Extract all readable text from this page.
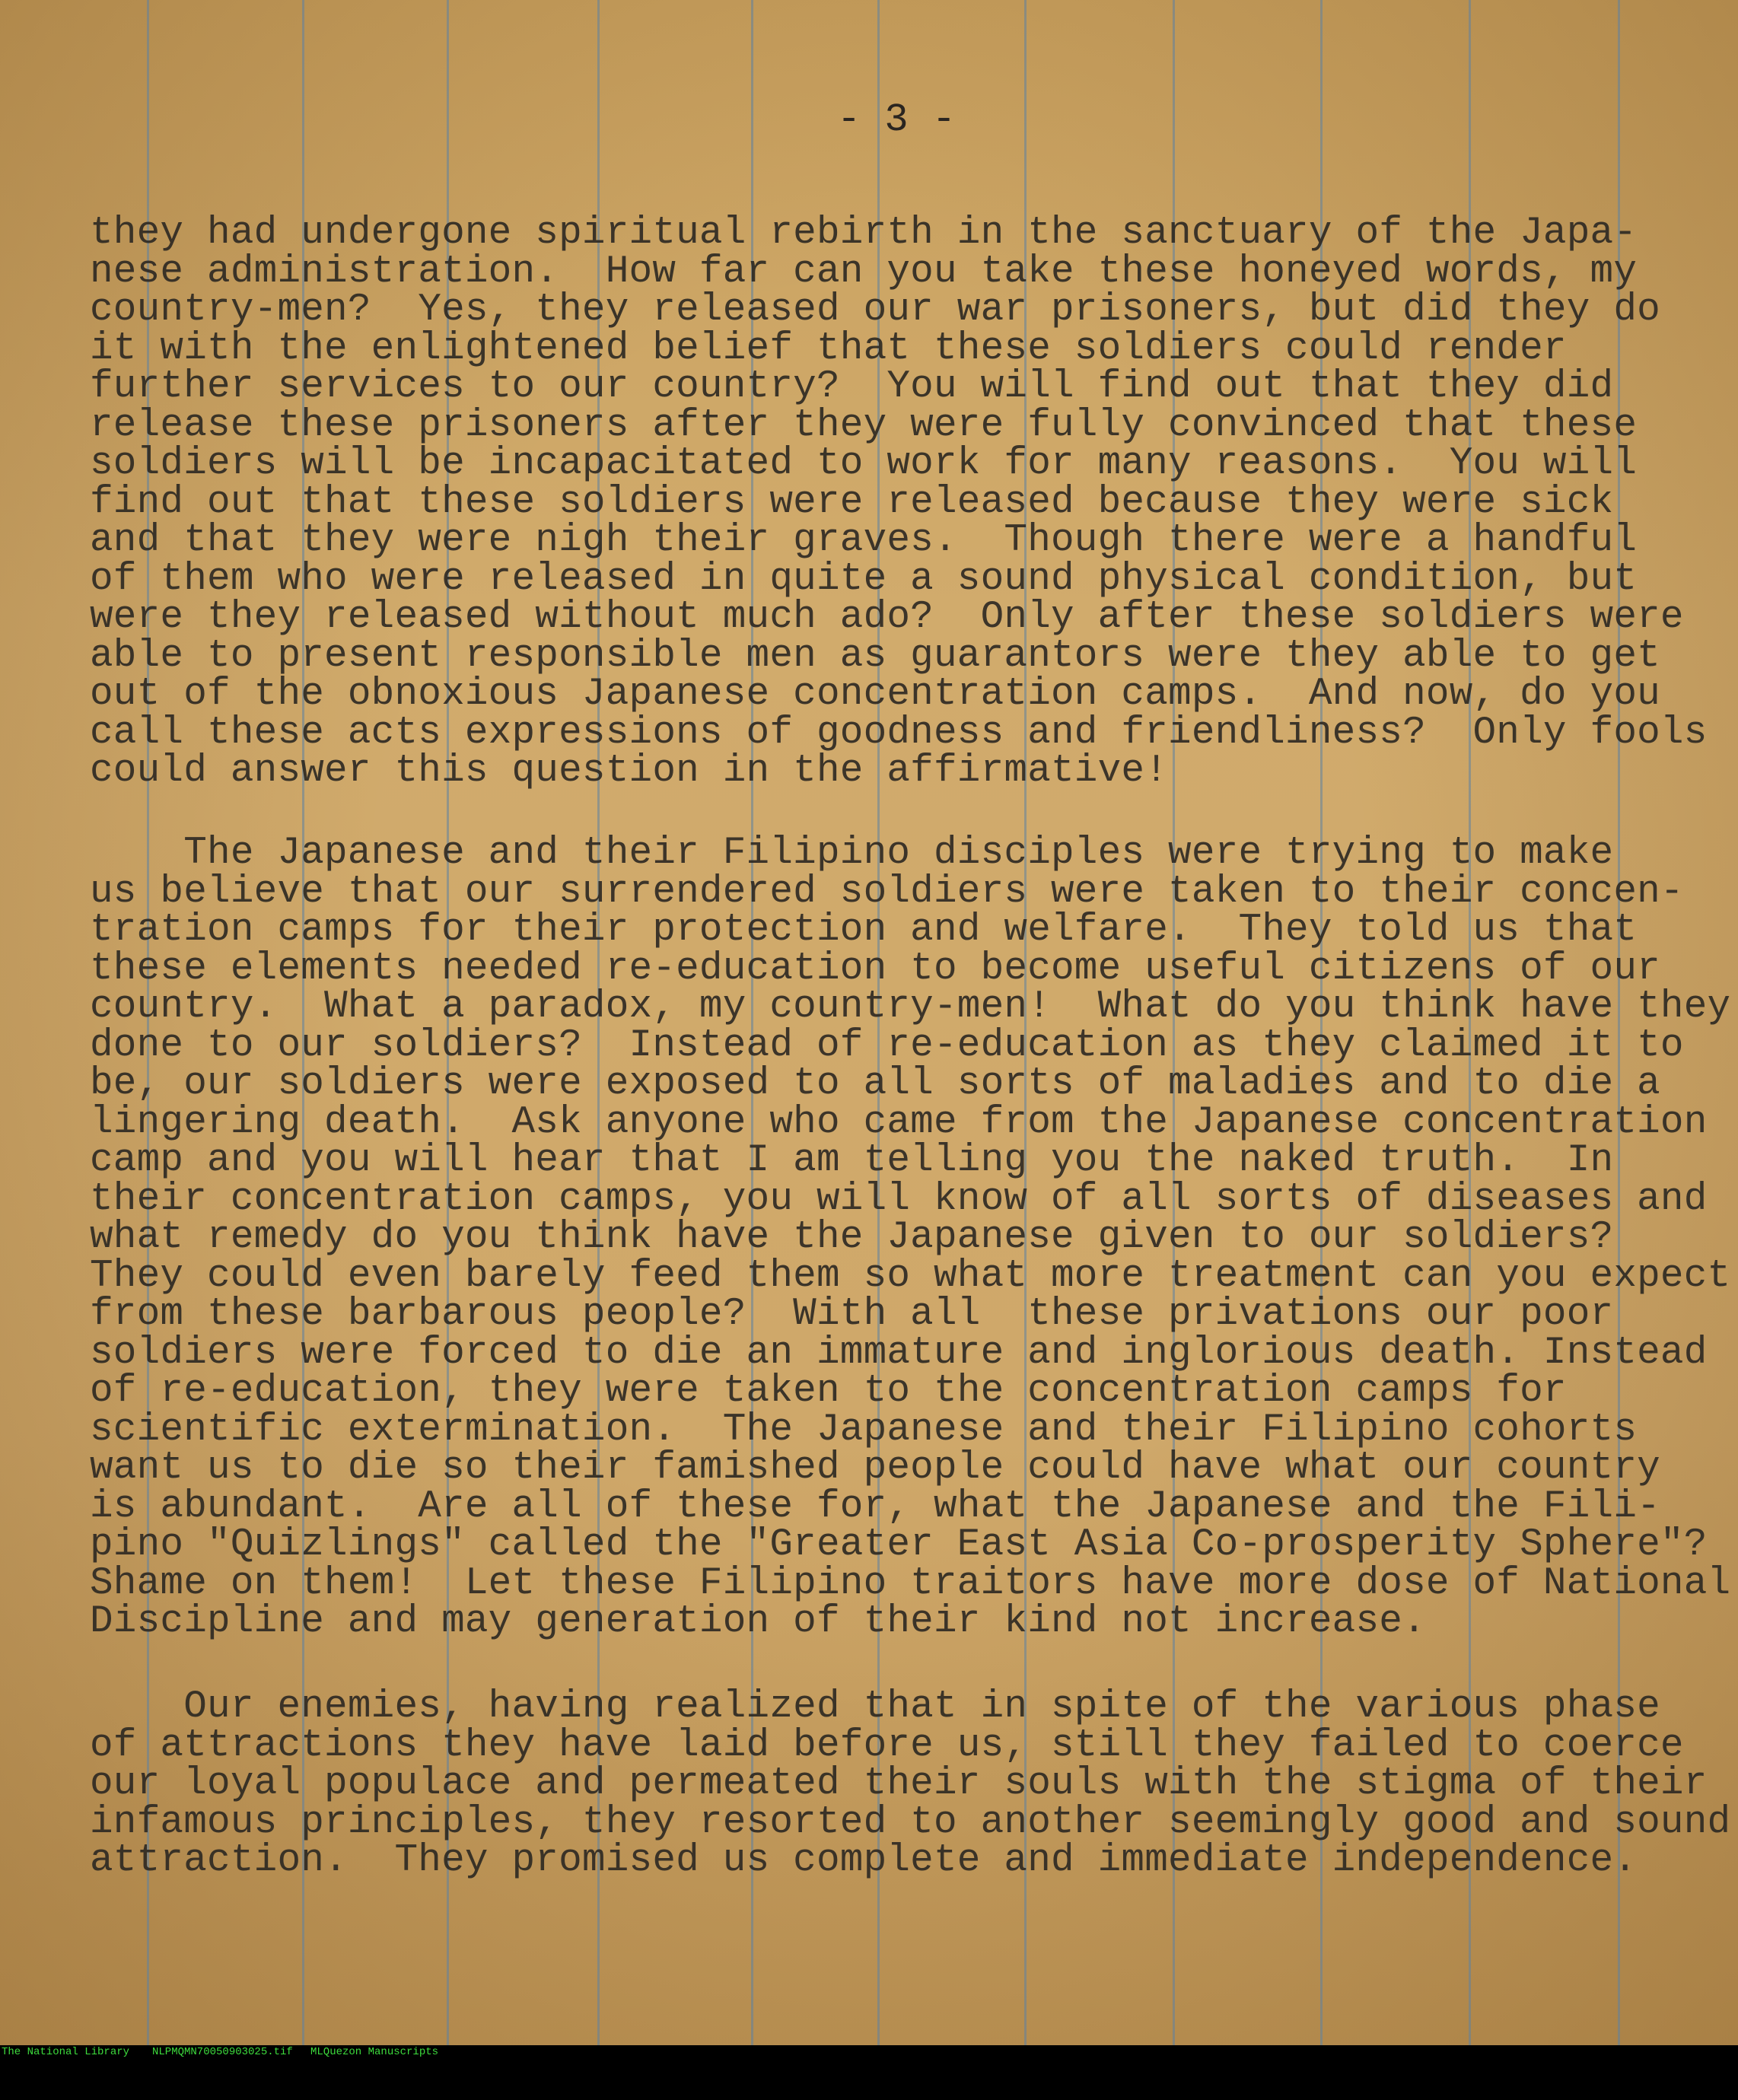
- 3 -
they had undergone spiritual rebirth in the sanctuary of the Japa-
nese administration.  How far can you take these honeyed words, my
country-men?  Yes, they released our war prisoners, but did they do
it with the enlightened belief that these soldiers could render
further services to our country?  You will find out that they did
release these prisoners after they were fully convinced that these
soldiers will be incapacitated to work for many reasons.  You will
find out that these soldiers were released because they were sick
and that they were nigh their graves.  Though there were a handful
of them who were released in quite a sound physical condition, but
were they released without much ado?  Only after these soldiers were
able to present responsible men as guarantors were they able to get
out of the obnoxious Japanese concentration camps.  And now, do you
call these acts expressions of goodness and friendliness?  Only fools
could answer this question in the affirmative!
The Japanese and their Filipino disciples were trying to make
us believe that our surrendered soldiers were taken to their concen-
tration camps for their protection and welfare.  They told us that
these elements needed re-education to become useful citizens of our
country.  What a paradox, my country-men!  What do you think have they
done to our soldiers?  Instead of re-education as they claimed it to
be, our soldiers were exposed to all sorts of maladies and to die a
lingering death.  Ask anyone who came from the Japanese concentration
camp and you will hear that I am telling you the naked truth.  In
their concentration camps, you will know of all sorts of diseases and
what remedy do you think have the Japanese given to our soldiers?
They could even barely feed them so what more treatment can you expect
from these barbarous people?  With all  these privations our poor
soldiers were forced to die an immature and inglorious death. Instead
of re-education, they were taken to the concentration camps for
scientific extermination.  The Japanese and their Filipino cohorts
want us to die so their famished people could have what our country
is abundant.  Are all of these for, what the Japanese and the Fili-
pino "Quizlings" called the "Greater East Asia Co-prosperity Sphere"?
Shame on them!  Let these Filipino traitors have more dose of National
Discipline and may generation of their kind not increase.
Our enemies, having realized that in spite of the various phase
of attractions they have laid before us, still they failed to coerce
our loyal populace and permeated their souls with the stigma of their
infamous principles, they resorted to another seemingly good and sound
attraction.  They promised us complete and immediate independence.

The National Library

NLPMQMN70050903025.tif

MLQuezon Manuscripts
